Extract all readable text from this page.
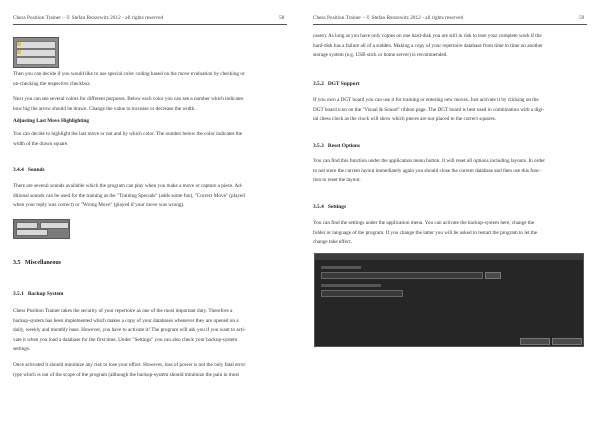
Chess Position Trainer – © Stefan Renzewitz 2012 - all rights reserved	58
Then you can decide if you would like to use special color coding based on the move evaluation by checking or
un-checking the respective checkbox.
Next you can see several colors for different purposes. Below each color you can see a number which indicates
how big the arrow should be drawn. Change the value to increase or decrease the width.
Adjusting Last Move Highlighting
You can decide to highlight the last move or not and by which color. The number below the color indicates the
width of the drawn square.
3.4.4 Sounds
There are several sounds available which the program can play when you make a move or capture a piece. Ad-
ditional sounds can be used for the training as the "Training Specials" (adds some fun), "Correct Move" (played
when your reply was correct) or "Wrong Move" (played if your move was wrong).
3.5 Miscellaneous
3.5.1 Backup System
Chess Position Trainer takes the security of your repertoire as one of the most important duty. Therefore a
backup-system has been implemented which makes a copy of your databases whenever they are opened on a
daily, weekly and monthly base. However, you have to activate it! The program will ask you if you want to acti-
vate it when you load a database for the first time. Under "Settings" you can also check your backup-system
settings.
Once activated it should minimize any risk to lose your effort. However, loss of power is not the only fatal error
type which is out of the scope of the program (although the backup-system should minimize the pain in most
Chess Position Trainer – © Stefan Renzewitz 2012 - all rights reserved	59
cases). As long as you have only copies on one hard-disk you are still in risk to lose your complete work if the
hard-disk has a failure all of a sudden. Making a copy of your repertoire database from time to time on another
storage system (e.g. USB stick or home server) is recommended.
3.5.2 DGT Support
If you own a DGT board you can use it for training or entering new moves. Just activate it by clicking on the
DGT board icon on the "Visual & Sound" ribbon page. The DGT board is best used in combination with a digi-
tal chess clock as the clock will show which pieces are not placed to the correct squares.
3.5.3 Reset Options
You can find this function under the application menu button. It will reset all options including layouts. In order
to not store the current layout immediately again you should close the current database and then use this func-
tion to reset the layout.
3.5.4 Settings
You can find the settings under the application menu. You can activate the backup-system here, change the
folder or language of the program. If you change the latter you will be asked to restart the program to let the
change take effect.
